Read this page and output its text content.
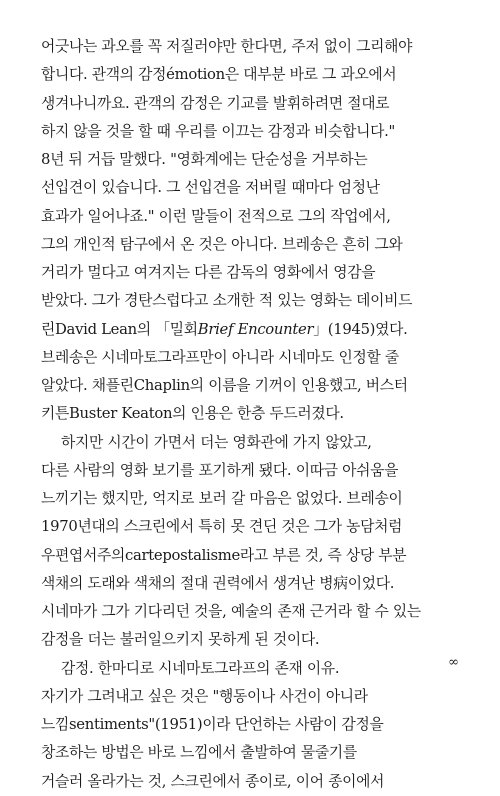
어긋나는 과오를 꼭 저질러야만 한다면, 주저 없이 그리해야
합니다. 관객의 감정émotion은 대부분 바로 그 과오에서
생겨나니까요. 관객의 감정은 기교를 발휘하려면 절대로
하지 않을 것을 할 때 우리를 이끄는 감정과 비슷합니다."
8년 뒤 거듭 말했다. "영화계에는 단순성을 거부하는
선입견이 있습니다. 그 선입견을 저버릴 때마다 엄청난
효과가 일어나죠." 이런 말들이 전적으로 그의 작업에서,
그의 개인적 탐구에서 온 것은 아니다. 브레송은 흔히 그와
거리가 멀다고 여겨지는 다른 감독의 영화에서 영감을
받았다. 그가 경탄스럽다고 소개한 적 있는 영화는 데이비드
린David Lean의 「밀회Brief Encounter」(1945)였다.
브레송은 시네마토그라프만이 아니라 시네마도 인정할 줄
알았다. 채플린Chaplin의 이름을 기꺼이 인용했고, 버스터
키튼Buster Keaton의 인용은 한층 두드러졌다.
하지만 시간이 가면서 더는 영화관에 가지 않았고,
다른 사람의 영화 보기를 포기하게 됐다. 이따금 아쉬움을
느끼기는 했지만, 억지로 보러 갈 마음은 없었다. 브레송이
1970년대의 스크린에서 특히 못 견딘 것은 그가 농담처럼
우편엽서주의cartepostalisme라고 부른 것, 즉 상당 부분
색채의 도래와 색채의 절대 권력에서 생겨난 병病이었다.
시네마가 그가 기다리던 것을, 예술의 존재 근거라 할 수 있는
감정을 더는 불러일으키지 못하게 된 것이다.
감정. 한마디로 시네마토그라프의 존재 이유.
자기가 그려내고 싶은 것은 "행동이나 사건이 아니라
느낌sentiments"(1951)이라 단언하는 사람이 감정을
창조하는 방법은 바로 느낌에서 출발하여 물줄기를
거슬러 올라가는 것, 스크린에서 종이로, 이어 종이에서
∞
